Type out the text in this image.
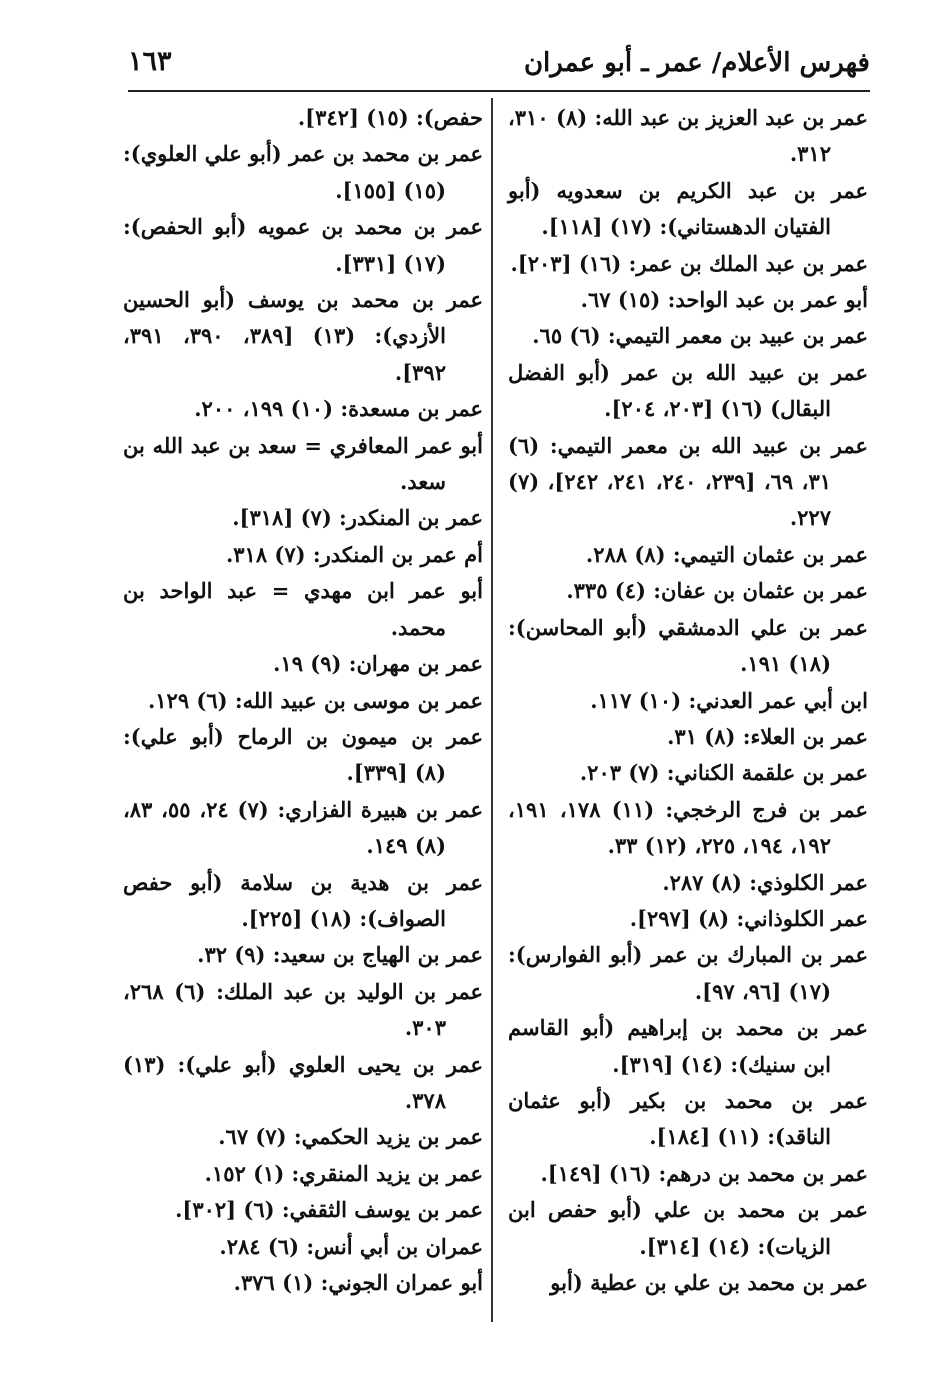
فهرس الأعلام/ عمر ـ أبو عمران
١٦٣
عمر بن عبد العزيز بن عبد الله: (٨) ٣١٠، ٣١٢.
عمر بن عبد الكريم بن سعدويه (أبو الفتيان الدهستاني): (١٧) [١١٨].
عمر بن عبد الملك بن عمر: (١٦) [٢٠٣].
أبو عمر بن عبد الواحد: (١٥) ٦٧.
عمر بن عبيد بن معمر التيمي: (٦) ٦٥.
عمر بن عبيد الله بن عمر (أبو الفضل البقال) (١٦) [٢٠٣، ٢٠٤].
عمر بن عبيد الله بن معمر التيمي: (٦) ٣١، ٦٩، [٢٣٩، ٢٤٠، ٢٤١، ٢٤٢]، (٧) ٢٢٧.
عمر بن عثمان التيمي: (٨) ٢٨٨.
عمر بن عثمان بن عفان: (٤) ٣٣٥.
عمر بن علي الدمشقي (أبو المحاسن): (١٨) ١٩١.
ابن أبي عمر العدني: (١٠) ١١٧.
عمر بن العلاء: (٨) ٣١.
عمر بن علقمة الكناني: (٧) ٢٠٣.
عمر بن فرج الرخجي: (١١) ١٧٨، ١٩١، ١٩٢، ١٩٤، ٢٢٥، (١٢) ٣٣.
عمر الكلوذي: (٨) ٢٨٧.
عمر الكلوذاني: (٨) [٢٩٧].
عمر بن المبارك بن عمر (أبو الفوارس): (١٧) [٩٦، ٩٧].
عمر بن محمد بن إبراهيم (أبو القاسم ابن سنيك): (١٤) [٣١٩].
عمر بن محمد بن بكير (أبو عثمان الناقد): (١١) [١٨٤].
عمر بن محمد بن درهم: (١٦) [١٤٩].
عمر بن محمد بن علي (أبو حفص ابن الزيات): (١٤) [٣١٤].
عمر بن محمد بن علي بن عطية (أبو
حفص): (١٥) [٣٤٢].
عمر بن محمد بن عمر (أبو علي العلوي): (١٥) [١٥٥].
عمر بن محمد بن عمويه (أبو الحفص): (١٧) [٣٣١].
عمر بن محمد بن يوسف (أبو الحسين الأزدي): (١٣) [٣٨٩، ٣٩٠، ٣٩١، ٣٩٢].
عمر بن مسعدة: (١٠) ١٩٩، ٢٠٠.
أبو عمر المعافري = سعد بن عبد الله بن سعد.
عمر بن المنكدر: (٧) [٣١٨].
أم عمر بن المنكدر: (٧) ٣١٨.
أبو عمر ابن مهدي = عبد الواحد بن محمد.
عمر بن مهران: (٩) ١٩.
عمر بن موسى بن عبيد الله: (٦) ١٢٩.
عمر بن ميمون بن الرماح (أبو علي): (٨) [٣٣٩].
عمر بن هبيرة الفزاري: (٧) ٢٤، ٥٥، ٨٣، (٨) ١٤٩.
عمر بن هدية بن سلامة (أبو حفص الصواف): (١٨) [٢٢٥].
عمر بن الهياج بن سعيد: (٩) ٣٢.
عمر بن الوليد بن عبد الملك: (٦) ٢٦٨، ٣٠٣.
عمر بن يحيى العلوي (أبو علي): (١٣) ٣٧٨.
عمر بن يزيد الحكمي: (٧) ٦٧.
عمر بن يزيد المنقري: (١) ١٥٢.
عمر بن يوسف الثقفي: (٦) [٣٠٢].
عمران بن أبي أنس: (٦) ٢٨٤.
أبو عمران الجوني: (١) ٣٧٦.
